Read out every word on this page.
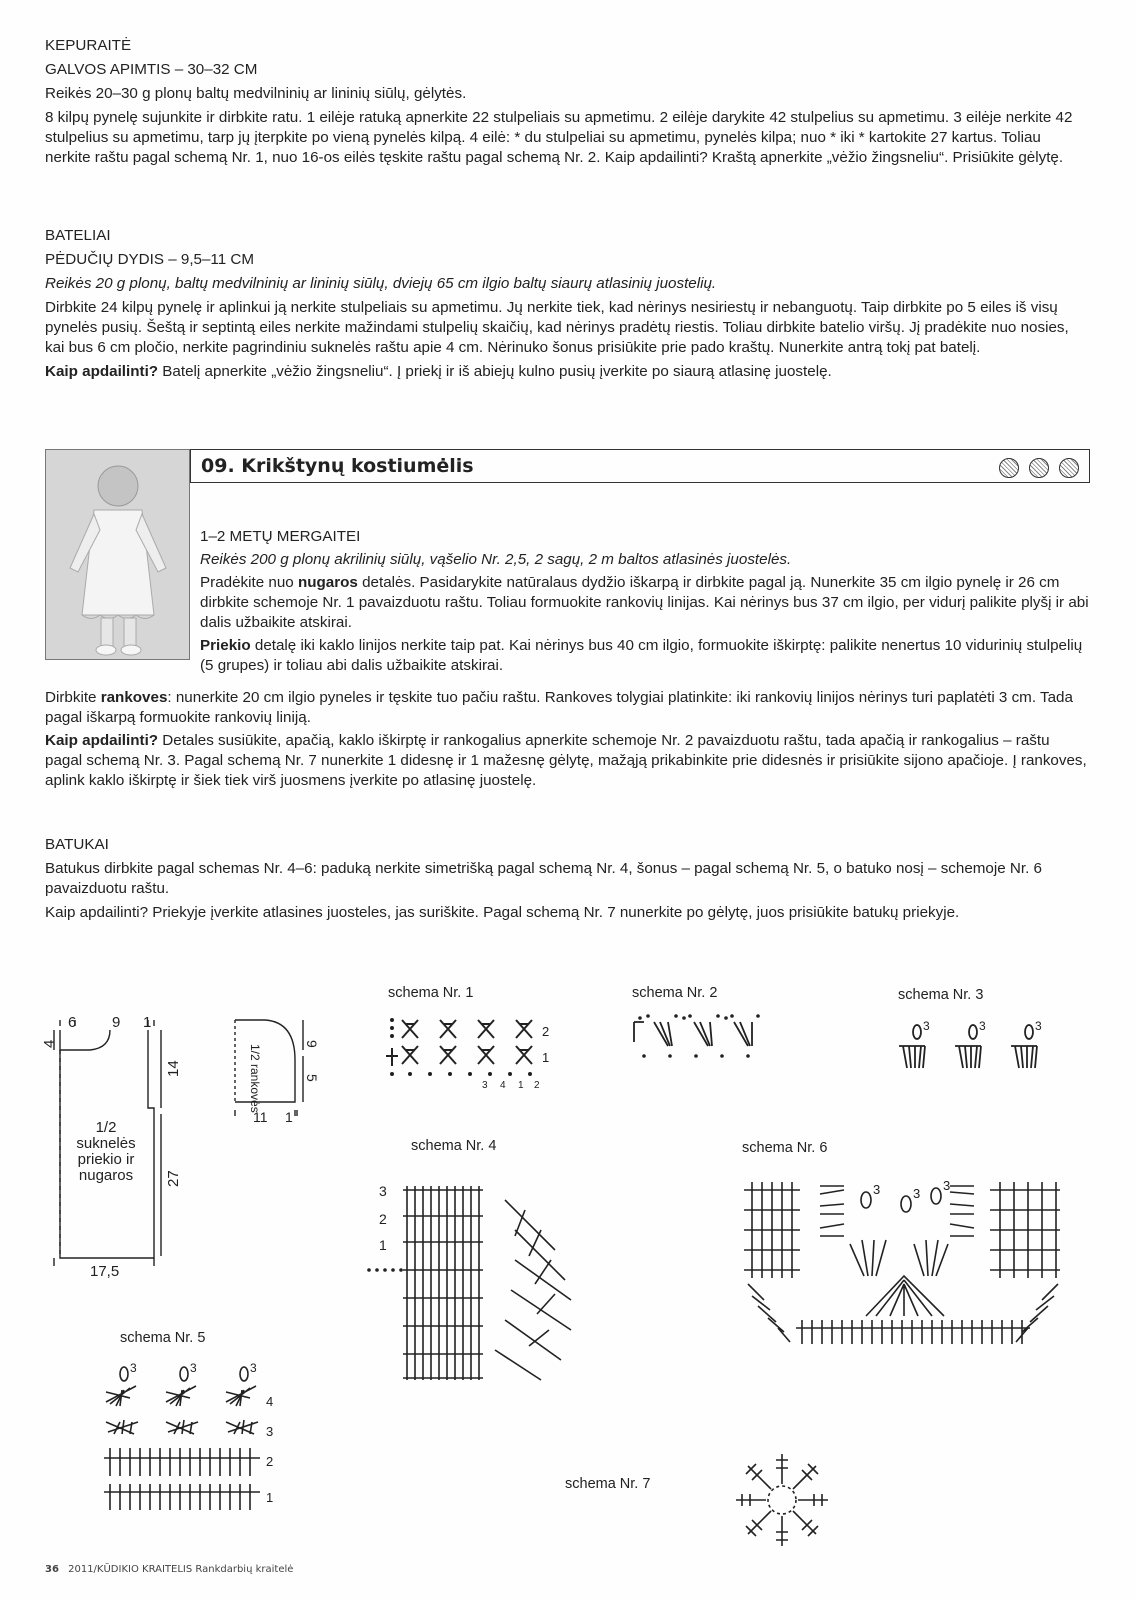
KEPURAITĖ

GALVOS APIMTIS – 30–32 CM

Reikės 20–30 g plonų baltų medvilninių ar lininių siūlų, gėlytės.

8 kilpų pynelę sujunkite ir dirbkite ratu. 1 eilėje ratuką apnerkite 22 stulpeliais su apmetimu. 2 eilėje darykite 42 stulpelius su apmetimu. 3 eilėje nerkite 42 stulpelius su apmetimu, tarp jų įterpkite po vieną pynelės kilpą. 4 eilė: * du stulpeliai su apmetimu, pynelės kilpa; nuo * iki * kartokite 27 kartus. Toliau nerkite raštu pagal schemą Nr. 1, nuo 16-os eilės tęskite raštu pagal schemą Nr. 2. Kaip apdailinti? Kraštą apnerkite „vėžio žingsneliu“. Prisiūkite gėlytę.

BATELIAI

PĖDUČIŲ DYDIS – 9,5–11 CM

Reikės 20 g plonų, baltų medvilninių ar lininių siūlų, dviejų 65 cm ilgio baltų siaurų atlasinių juostelių.

Dirbkite 24 kilpų pynelę ir aplinkui ją nerkite stulpeliais su apmetimu. Jų nerkite tiek, kad nėrinys nesiriestų ir nebanguotų. Taip dirbkite po 5 eiles iš visų pynelės pusių. Šeštą ir septintą eiles nerkite mažindami stulpelių skaičių, kad nėrinys pradėtų riestis. Toliau dirbkite batelio viršų. Jį pradėkite nuo nosies, kai bus 6 cm pločio, nerkite pagrindiniu suknelės raštu apie 4 cm. Nėrinuko šonus prisiūkite prie pado kraštų. Nunerkite antrą tokį pat batelį.

Kaip apdailinti? Batelį apnerkite „vėžio žingsneliu“. Į priekį ir iš abiejų kulno pusių įverkite po siaurą atlasinę juostelę.

09. Krikštynų kostiumėlis

1–2 METŲ MERGAITEI

Reikės 200 g plonų akrilinių siūlų, vąšelio Nr. 2,5, 2 sagų, 2 m baltos atlasinės juostelės.

Pradėkite nuo nugaros detalės. Pasidarykite natūralaus dydžio iškarpą ir dirbkite pagal ją. Nunerkite 35 cm ilgio pynelę ir 26 cm dirbkite schemoje Nr. 1 pavaizduotu raštu. Toliau formuokite rankovių linijas. Kai nėrinys bus 37 cm ilgio, per vidurį palikite plyšį ir abi dalis užbaikite atskirai.

Priekio detalę iki kaklo linijos nerkite taip pat. Kai nėrinys bus 40 cm ilgio, formuokite iškirptę: palikite nenertus 10 vidurinių stulpelių (5 grupes) ir toliau abi dalis užbaikite atskirai.

Dirbkite rankoves: nunerkite 20 cm ilgio pyneles ir tęskite tuo pačiu raštu. Rankoves tolygiai platinkite: iki rankovių linijos nėrinys turi paplatėti 3 cm. Tada pagal iškarpą formuokite rankovių liniją.

Kaip apdailinti? Detales susiūkite, apačią, kaklo iškirptę ir rankogalius apnerkite schemoje Nr. 2 pavaizduotu raštu, tada apačią ir rankogalius – raštu pagal schemą Nr. 3. Pagal schemą Nr. 7 nunerkite 1 didesnę ir 1 mažesnę gėlytę, mažąją prikabinkite prie didesnės ir prisiūkite sijono apačioje. Į rankoves, aplink kaklo iškirptę ir šiek tiek virš juosmens įverkite po atlasinę juostelę.

BATUKAI

Batukus dirbkite pagal schemas Nr. 4–6: paduką nerkite simetrišką pagal schemą Nr. 4, šonus – pagal schemą Nr. 5, o batuko nosį – schemoje Nr. 6 pavaizduotu raštu.

Kaip apdailinti? Priekyje įverkite atlasines juosteles, jas suriškite. Pagal schemą Nr. 7 nunerkite po gėlytę, juos prisiūkite batukų priekyje.

6 9 1
4
14
27
17,5
1/2
suknelės
priekio ir
nugaros
1/2 rankovės
9
5
11 1
schema Nr. 1	schema Nr. 2	schema Nr. 3
schema Nr. 4
schema Nr. 5
schema Nr. 6
schema Nr. 7
2
1
3 4 1 2
3	3	3
3
2
1
3	3	3
4
3
2
1
3	3
3
36 2011/KŪDIKIO KRAITELIS Rankdarbių kraitelė
